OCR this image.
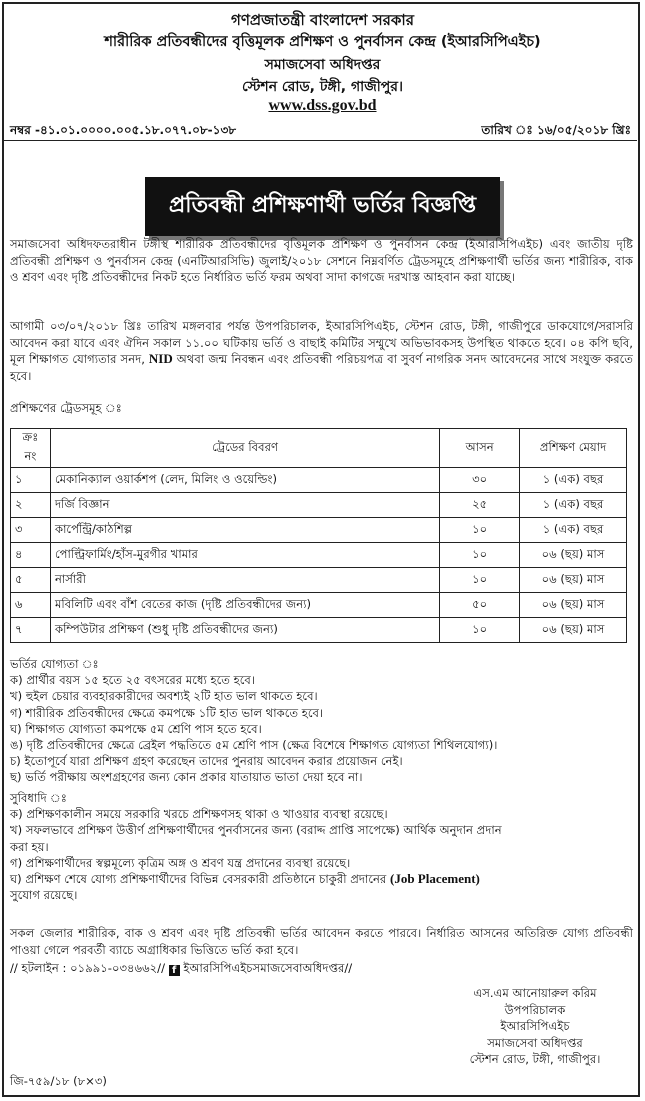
গণপ্রজাতন্ত্রী বাংলাদেশ সরকার
শারীরিক প্রতিবন্ধীদের বৃত্তিমূলক প্রশিক্ষণ ও পুনর্বাসন কেন্দ্র (ইআরসিপিএইচ)
সমাজসেবা অধিদপ্তর
স্টেশন রোড, টঙ্গী, গাজীপুর।
www.dss.gov.bd
নম্বর -৪১.০১.০০০০.০০৫.১৮.০৭৭.০৮-১৩৮	তারিখ ঃ ১৬/০৫/২০১৮ খ্রিঃ
প্রতিবন্ধী প্রশিক্ষণার্থী ভর্তির বিজ্ঞপ্তি
সমাজসেবা অধিদফতরাধীন টঙ্গীস্থ শারীরিক প্রতিবন্ধীদের বৃত্তিমূলক প্রশিক্ষণ ও পুনর্বাসন কেন্দ্র (ইআরসিপিএইচ) এবং জাতীয় দৃষ্টি প্রতিবন্ধী প্রশিক্ষণ ও পুনর্বাসন কেন্দ্র (এনটিআরসিভি) জুলাই/২০১৮ সেশনে নিম্নবর্ণিত ট্রেডসমূহে প্রশিক্ষণার্থী ভর্তির জন্য শারীরিক, বাক ও শ্রবণ এবং দৃষ্টি প্রতিবন্ধীদের নিকট হতে নির্ধারিত ভর্তি ফরম অথবা সাদা কাগজে দরখাস্ত আহবান করা যাচ্ছে।
আগামী ০৩/০৭/২০১৮ খ্রিঃ তারিখ মঙ্গলবার পর্যন্ত উপপরিচালক, ইআরসিপিএইচ, স্টেশন রোড, টঙ্গী, গাজীপুরে ডাকযোগে/সরাসরি আবেদন করা যাবে এবং ঐদিন সকাল ১১.০০ ঘটিকায় ভর্তি ও বাছাই কমিটির সম্মুখে অভিভাবকসহ উপস্থিত থাকতে হবে। ০৪ কপি ছবি, মূল শিক্ষাগত যোগ্যতার সনদ, NID অথবা জন্ম নিবন্ধন এবং প্রতিবন্ধী পরিচয়পত্র বা সুবর্ণ নাগরিক সনদ আবেদনের সাথে সংযুক্ত করতে হবে।
প্রশিক্ষণের ট্রেডসমূহ ঃ
ক্রঃ নং	ট্রেডের বিবরণ	আসন	প্রশিক্ষণ মেয়াদ
১	মেকানিক্যাল ওয়ার্কশপ (লেদ, মিলিং ও ওয়েল্ডিং)	৩০	১ (এক) বছর
২	দর্জি বিজ্ঞান	২৫	১ (এক) বছর
৩	কার্পেন্ট্রি/কাঠশিল্প	১০	১ (এক) বছর
৪	পোল্ট্রিফার্মিং/হাঁস-মুরগীর খামার	১০	০৬ (ছয়) মাস
৫	নার্সারী	১০	০৬ (ছয়) মাস
৬	মবিলিটি এবং বাঁশ বেতের কাজ (দৃষ্টি প্রতিবন্ধীদের জন্য)	৫০	০৬ (ছয়) মাস
৭	কম্পিউটার প্রশিক্ষণ (শুধু দৃষ্টি প্রতিবন্ধীদের জন্য)	১০	০৬ (ছয়) মাস
ভর্তির যোগ্যতা ঃ
ক) প্রার্থীর বয়স ১৫ হতে ২৫ বৎসরের মধ্যে হতে হবে।
খ) হুইল চেয়ার ব্যবহারকারীদের অবশ্যই ২টি হাত ভাল থাকতে হবে।
গ) শারীরিক প্রতিবন্ধীদের ক্ষেত্রে কমপক্ষে ১টি হাত ভাল থাকতে হবে।
ঘ) শিক্ষাগত যোগ্যতা কমপক্ষে ৫ম শ্রেণি পাস হতে হবে।
ঙ) দৃষ্টি প্রতিবন্ধীদের ক্ষেত্রে ব্রেইল পদ্ধতিতে ৫ম শ্রেণি পাস (ক্ষেত্র বিশেষে শিক্ষাগত যোগ্যতা শিথিলযোগ্য)।
চ) ইতোপূর্বে যারা প্রশিক্ষণ গ্রহণ করেছেন তাদের পুনরায় আবেদন করার প্রয়োজন নেই।
ছ) ভর্তি পরীক্ষায় অংশগ্রহণের জন্য কোন প্রকার যাতায়াত ভাতা দেয়া হবে না।
সুবিধাদি ঃ
ক) প্রশিক্ষণকালীন সময়ে সরকারি খরচে প্রশিক্ষণসহ থাকা ও খাওয়ার ব্যবস্থা রয়েছে।
খ) সফলভাবে প্রশিক্ষণ উত্তীর্ণ প্রশিক্ষণার্থীদের পুনর্বাসনের জন্য (বরাদ্দ প্রাপ্তি সাপেক্ষে) আর্থিক অনুদান প্রদান
করা হয়।
গ) প্রশিক্ষণার্থীদের স্বল্পমূল্যে কৃত্রিম অঙ্গ ও শ্রবণ যন্ত্র প্রদানের ব্যবস্থা রয়েছে।
ঘ) প্রশিক্ষণ শেষে যোগ্য প্রশিক্ষণার্থীদের বিভিন্ন বেসরকারী প্রতিষ্ঠানে চাকুরী প্রদানের (Job Placement)
সুযোগ রয়েছে।
সকল জেলার শারীরিক, বাক ও শ্রবণ এবং দৃষ্টি প্রতিবন্ধী ভর্তির আবেদন করতে পারবে। নির্ধারিত আসনের অতিরিক্ত যোগ্য প্রতিবন্ধী পাওয়া গেলে পরবর্তী ব্যাচে অগ্রাধিকার ভিত্তিতে ভর্তি করা হবে।
// হটলাইন : ০১৯৯১-০৩৪৬৬২// f ইআরসিপিএইচসমাজসেবাঅধিদপ্তর//
এস.এম আনোয়ারুল করিম
উপপরিচালক
ইআরসিপিএইচ
সমাজসেবা অধিদপ্তর
স্টেশন রোড, টঙ্গী, গাজীপুর।
জি-৭৫৯/১৮ (৮×৩)
